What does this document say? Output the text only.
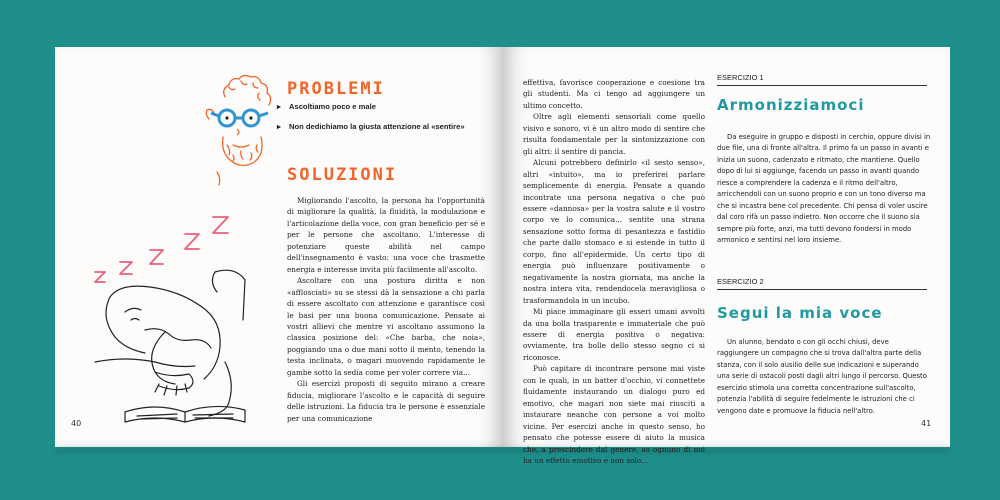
PROBLEMI
▸ Ascoltiamo poco e male
▸ Non dedichiamo la giusta attenzione al «sentire»
SOLUZIONI

Migliorando l'ascolto, la persona ha l'opportunità di migliorare la qualità, la fluidità, la modulazione e l'articolazione della voce, con gran beneficio per sé e per le persone che ascoltano. L'interesse di potenziare queste abilità nel campo dell'insegnamento è vasto: una voce che trasmette energia e interesse invita più facilmente all'ascolto.

Ascoltare con una postura diritta e non «afflosciati» su se stessi dà la sensazione a chi parla di essere ascoltato con attenzione e garantisce così le basi per una buona comunicazione. Pensate ai vostri allievi che mentre vi ascoltano assumono la classica posizione del: «Che barba, che noia», poggiando una o due mani sotto il mento, tenendo la testa inclinata, o magari muovendo rapidamente le gambe sotto la sedia come per voler correre via...

Gli esercizi proposti di seguito mirano a creare fiducia, migliorare l'ascolto e le capacità di seguire delle istruzioni. La fiducia tra le persone è essenziale per una comunicazione

40

effettiva, favorisce cooperazione e coesione tra gli studenti. Ma ci tengo ad aggiungere un ultimo concetto.

Oltre agli elementi sensoriali come quello visivo e sonoro, vi è un altro modo di sentire che risulta fondamentale per la sintonizzazione con gli altri: il sentire di pancia.

Alcuni potrebbero definirlo «il sesto senso», altri «intuito», ma io preferirei parlare semplicemente di energia. Pensate a quando incontrate una persona negativa o che può essere «dannosa» per la vostra salute e il vostro corpo ve lo comunica... sentite una strana sensazione sotto forma di pesantezza e fastidio che parte dallo stomaco e si estende in tutto il corpo, fino all'epidermide. Un certo tipo di energia può influenzare positivamente o negativamente la nostra giornata, ma anche la nostra intera vita, rendendocela meravigliosa o trasformandola in un incubo.

Mi piace immaginare gli esseri umani avvolti da una bolla trasparente e immateriale che può essere di energia positiva o negativa: ovviamente, tra bolle dello stesso segno ci si riconosce.

Può capitare di incontrare persone mai viste con le quali, in un batter d'occhio, vi connettete fluidamente instaurando un dialogo puro ed emotivo, che magari non siete mai riusciti a instaurare neanche con persone a voi molto vicine. Per esercizi anche in questo senso, ho pensato che potesse essere di aiuto la musica che, a prescindere dal genere, so ognuno di noi ha un effetto emotivo e non solo...

ESERCIZIO 1
Armonizziamoci

Da eseguire in gruppo e disposti in cerchio, oppure divisi in due file, una di fronte all'altra. Il primo fa un passo in avanti e inizia un suono, cadenzato e ritmato, che mantiene. Quello dopo di lui si aggiunge, facendo un passo in avanti quando riesce a comprendere la cadenza e il ritmo dell'altro, arricchendoli con un suono proprio e con un tono diverso ma che si incastra bene col precedente. Chi pensa di voler uscire dal coro rifà un passo indietro. Non occorre che il suono sia sempre più forte, anzi, ma tutti devono fondersi in modo armonico e sentirsi nel loro insieme.

ESERCIZIO 2
Segui la mia voce

Un alunno, bendato o con gli occhi chiusi, deve raggiungere un compagno che si trova dall'altra parte della stanza, con il solo ausilio delle sue indicazioni e superando una serie di ostacoli posti dagli altri lungo il percorso. Questo esercizio stimola una corretta concentrazione sull'ascolto, potenzia l'abilità di seguire fedelmente le istruzioni che ci vengono date e promuove la fiducia nell'altro.

41
